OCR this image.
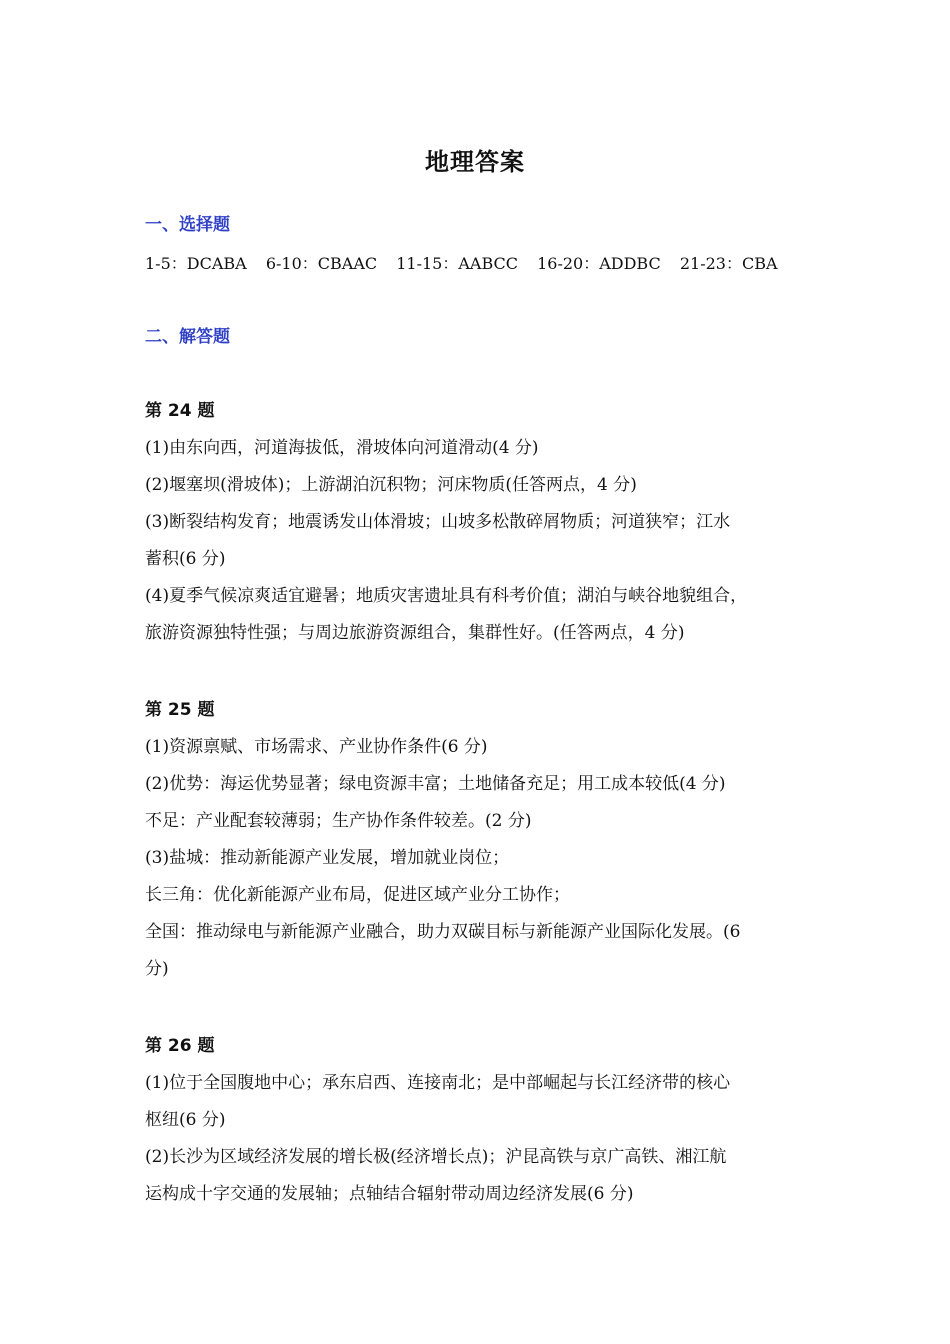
地理答案
一、选择题
1-5：DCABA 6-10：CBAAC 11-15：AABCC 16-20：ADDBC 21-23：CBA
二、解答题
第 24 题

(1)由东向西，河道海拔低，滑坡体向河道滑动(4 分)

(2)堰塞坝(滑坡体)；上游湖泊沉积物；河床物质(任答两点，4 分)

(3)断裂结构发育；地震诱发山体滑坡；山坡多松散碎屑物质；河道狭窄；江水

蓄积(6 分)

(4)夏季气候凉爽适宜避暑；地质灾害遗址具有科考价值；湖泊与峡谷地貌组合，

旅游资源独特性强；与周边旅游资源组合，集群性好。(任答两点，4 分)

第 25 题

(1)资源禀赋、市场需求、产业协作条件(6 分)

(2)优势：海运优势显著；绿电资源丰富；土地储备充足；用工成本较低(4 分)

不足：产业配套较薄弱；生产协作条件较差。(2 分)

(3)盐城：推动新能源产业发展，增加就业岗位；

长三角：优化新能源产业布局，促进区域产业分工协作；

全国：推动绿电与新能源产业融合，助力双碳目标与新能源产业国际化发展。(6

分)

第 26 题

(1)位于全国腹地中心；承东启西、连接南北；是中部崛起与长江经济带的核心

枢纽(6 分)

(2)长沙为区域经济发展的增长极(经济增长点)；沪昆高铁与京广高铁、湘江航

运构成十字交通的发展轴；点轴结合辐射带动周边经济发展(6 分)
